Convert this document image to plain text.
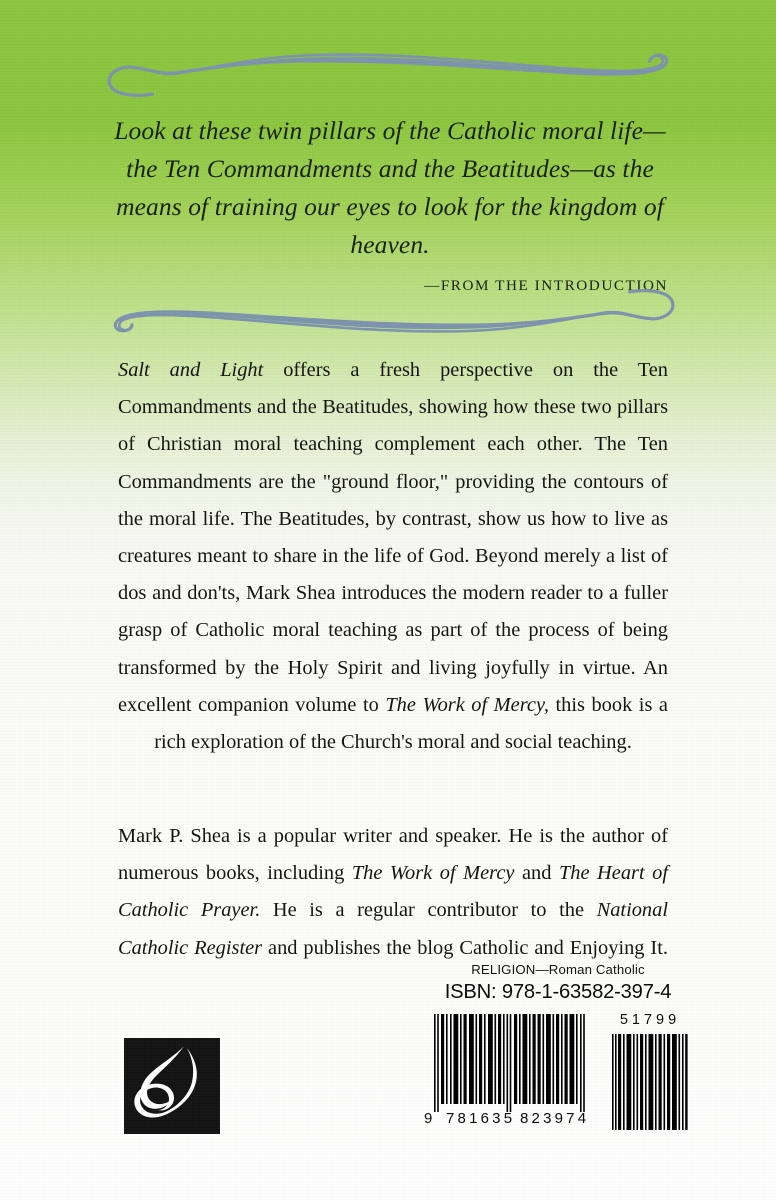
Look at these twin pillars of the Catholic moral life—the Ten Commandments and the Beatitudes—as the means of training our eyes to look for the kingdom of heaven.

—FROM THE INTRODUCTION

Salt and Light offers a fresh perspective on the Ten Commandments and the Beatitudes, showing how these two pillars of Christian moral teaching complement each other. The Ten Commandments are the "ground floor," providing the contours of the moral life. The Beatitudes, by contrast, show us how to live as creatures meant to share in the life of God. Beyond merely a list of dos and don'ts, Mark Shea introduces the modern reader to a fuller grasp of Catholic moral teaching as part of the process of being transformed by the Holy Spirit and living joyfully in virtue. An excellent companion volume to The Work of Mercy, this book is a rich exploration of the Church's moral and social teaching.

Mark P. Shea is a popular writer and speaker. He is the author of numerous books, including The Work of Mercy and The Heart of Catholic Prayer. He is a regular contributor to the National Catholic Register and publishes the blog Catholic and Enjoying It.

RELIGION—Roman Catholic
ISBN: 978-1-63582-397-4
51799
9 781635 823974
